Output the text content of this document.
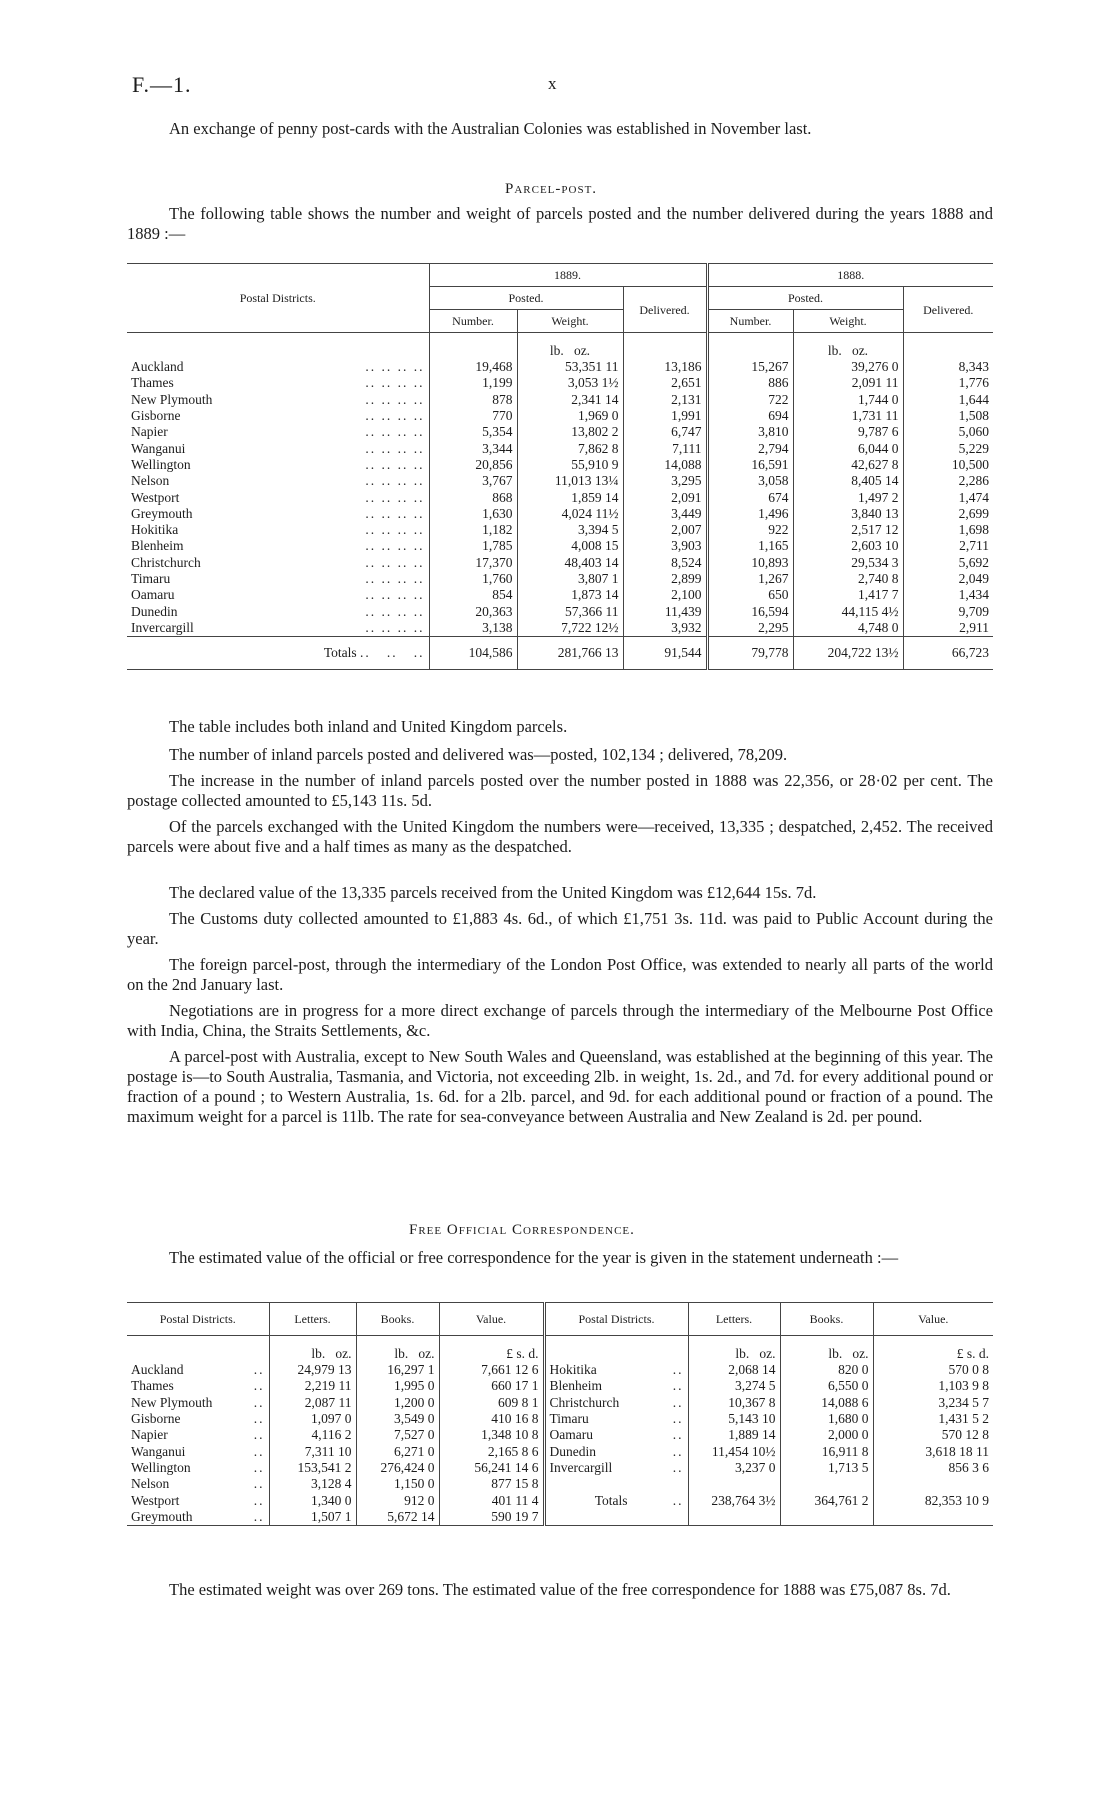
F.—1.	x

An exchange of penny post-cards with the Australian Colonies was established in November last.

Parcel-post.

The following table shows the number and weight of parcels posted and the number delivered during the years 1888 and 1889 :—

Postal Districts.	1889.			1888.		
	Posted.		Delivered.	Posted.		Delivered.
	Number.	Weight.		Number.	Weight.	
		lb. oz.			lb. oz.	
Auckland .. .. .. ..	19,468	53,351 11	13,186	15,267	39,276 0	8,343
Thames .. .. .. ..	1,199	3,053 1½	2,651	886	2,091 11	1,776
New Plymouth .. .. .. ..	878	2,341 14	2,131	722	1,744 0	1,644
Gisborne .. .. .. ..	770	1,969 0	1,991	694	1,731 11	1,508
Napier .. .. .. ..	5,354	13,802 2	6,747	3,810	9,787 6	5,060
Wanganui .. .. .. ..	3,344	7,862 8	7,111	2,794	6,044 0	5,229
Wellington .. .. .. ..	20,856	55,910 9	14,088	16,591	42,627 8	10,500
Nelson .. .. .. ..	3,767	11,013 13¼	3,295	3,058	8,405 14	2,286
Westport .. .. .. ..	868	1,859 14	2,091	674	1,497 2	1,474
Greymouth .. .. .. ..	1,630	4,024 11½	3,449	1,496	3,840 13	2,699
Hokitika .. .. .. ..	1,182	3,394 5	2,007	922	2,517 12	1,698
Blenheim .. .. .. ..	1,785	4,008 15	3,903	1,165	2,603 10	2,711
Christchurch .. .. .. ..	17,370	48,403 14	8,524	10,893	29,534 3	5,692
Timaru .. .. .. ..	1,760	3,807 1	2,899	1,267	2,740 8	2,049
Oamaru .. .. .. ..	854	1,873 14	2,100	650	1,417 7	1,434
Dunedin .. .. .. ..	20,363	57,366 11	11,439	16,594	44,115 4½	9,709
Invercargill .. .. .. ..	3,138	7,722 12½	3,932	2,295	4,748 0	2,911
Totals ..   ..   ..	104,586	281,766 13	91,544	79,778	204,722 13½	66,723

The table includes both inland and United Kingdom parcels.

The number of inland parcels posted and delivered was—posted, 102,134 ; delivered, 78,209.

The increase in the number of inland parcels posted over the number posted in 1888 was 22,356, or 28·02 per cent. The postage collected amounted to £5,143 11s. 5d.

Of the parcels exchanged with the United Kingdom the numbers were—received, 13,335 ; despatched, 2,452. The received parcels were about five and a half times as many as the despatched.

The declared value of the 13,335 parcels received from the United Kingdom was £12,644 15s. 7d.

The Customs duty collected amounted to £1,883 4s. 6d., of which £1,751 3s. 11d. was paid to Public Account during the year.

The foreign parcel-post, through the intermediary of the London Post Office, was extended to nearly all parts of the world on the 2nd January last.

Negotiations are in progress for a more direct exchange of parcels through the intermediary of the Melbourne Post Office with India, China, the Straits Settlements, &c.

A parcel-post with Australia, except to New South Wales and Queensland, was established at the beginning of this year. The postage is—to South Australia, Tasmania, and Victoria, not exceeding 2lb. in weight, 1s. 2d., and 7d. for every additional pound or fraction of a pound ; to Western Australia, 1s. 6d. for a 2lb. parcel, and 9d. for each additional pound or fraction of a pound. The maximum weight for a parcel is 11lb. The rate for sea-conveyance between Australia and New Zealand is 2d. per pound.

Free Official Correspondence.

The estimated value of the official or free correspondence for the year is given in the statement underneath :—

Postal Districts.	Letters.	Books.	Value.	Postal Districts.	Letters.	Books.	Value.
	lb. oz.	lb. oz.	£ s. d.		lb. oz.	lb. oz.	£ s. d.
Auckland ..	24,979 13	16,297 1	7,661 12 6	Hokitika ..	2,068 14	820 0	570 0 8
Thames ..	2,219 11	1,995 0	660 17 1	Blenheim ..	3,274 5	6,550 0	1,103 9 8
New Plymouth ..	2,087 11	1,200 0	609 8 1	Christchurch ..	10,367 8	14,088 6	3,234 5 7
Gisborne ..	1,097 0	3,549 0	410 16 8	Timaru ..	5,143 10	1,680 0	1,431 5 2
Napier ..	4,116 2	7,527 0	1,348 10 8	Oamaru ..	1,889 14	2,000 0	570 12 8
Wanganui ..	7,311 10	6,271 0	2,165 8 6	Dunedin ..	11,454 10½	16,911 8	3,618 18 11
Wellington ..	153,541 2	276,424 0	56,241 14 6	Invercargill ..	3,237 0	1,713 5	856 3 6
Nelson ..	3,128 4	1,150 0	877 15 8				
Westport ..	1,340 0	912 0	401 11 4	Totals ..	238,764 3½	364,761 2	82,353 10 9
Greymouth ..	1,507 1	5,672 14	590 19 7				

The estimated weight was over 269 tons. The estimated value of the free correspondence for 1888 was £75,087 8s. 7d.
